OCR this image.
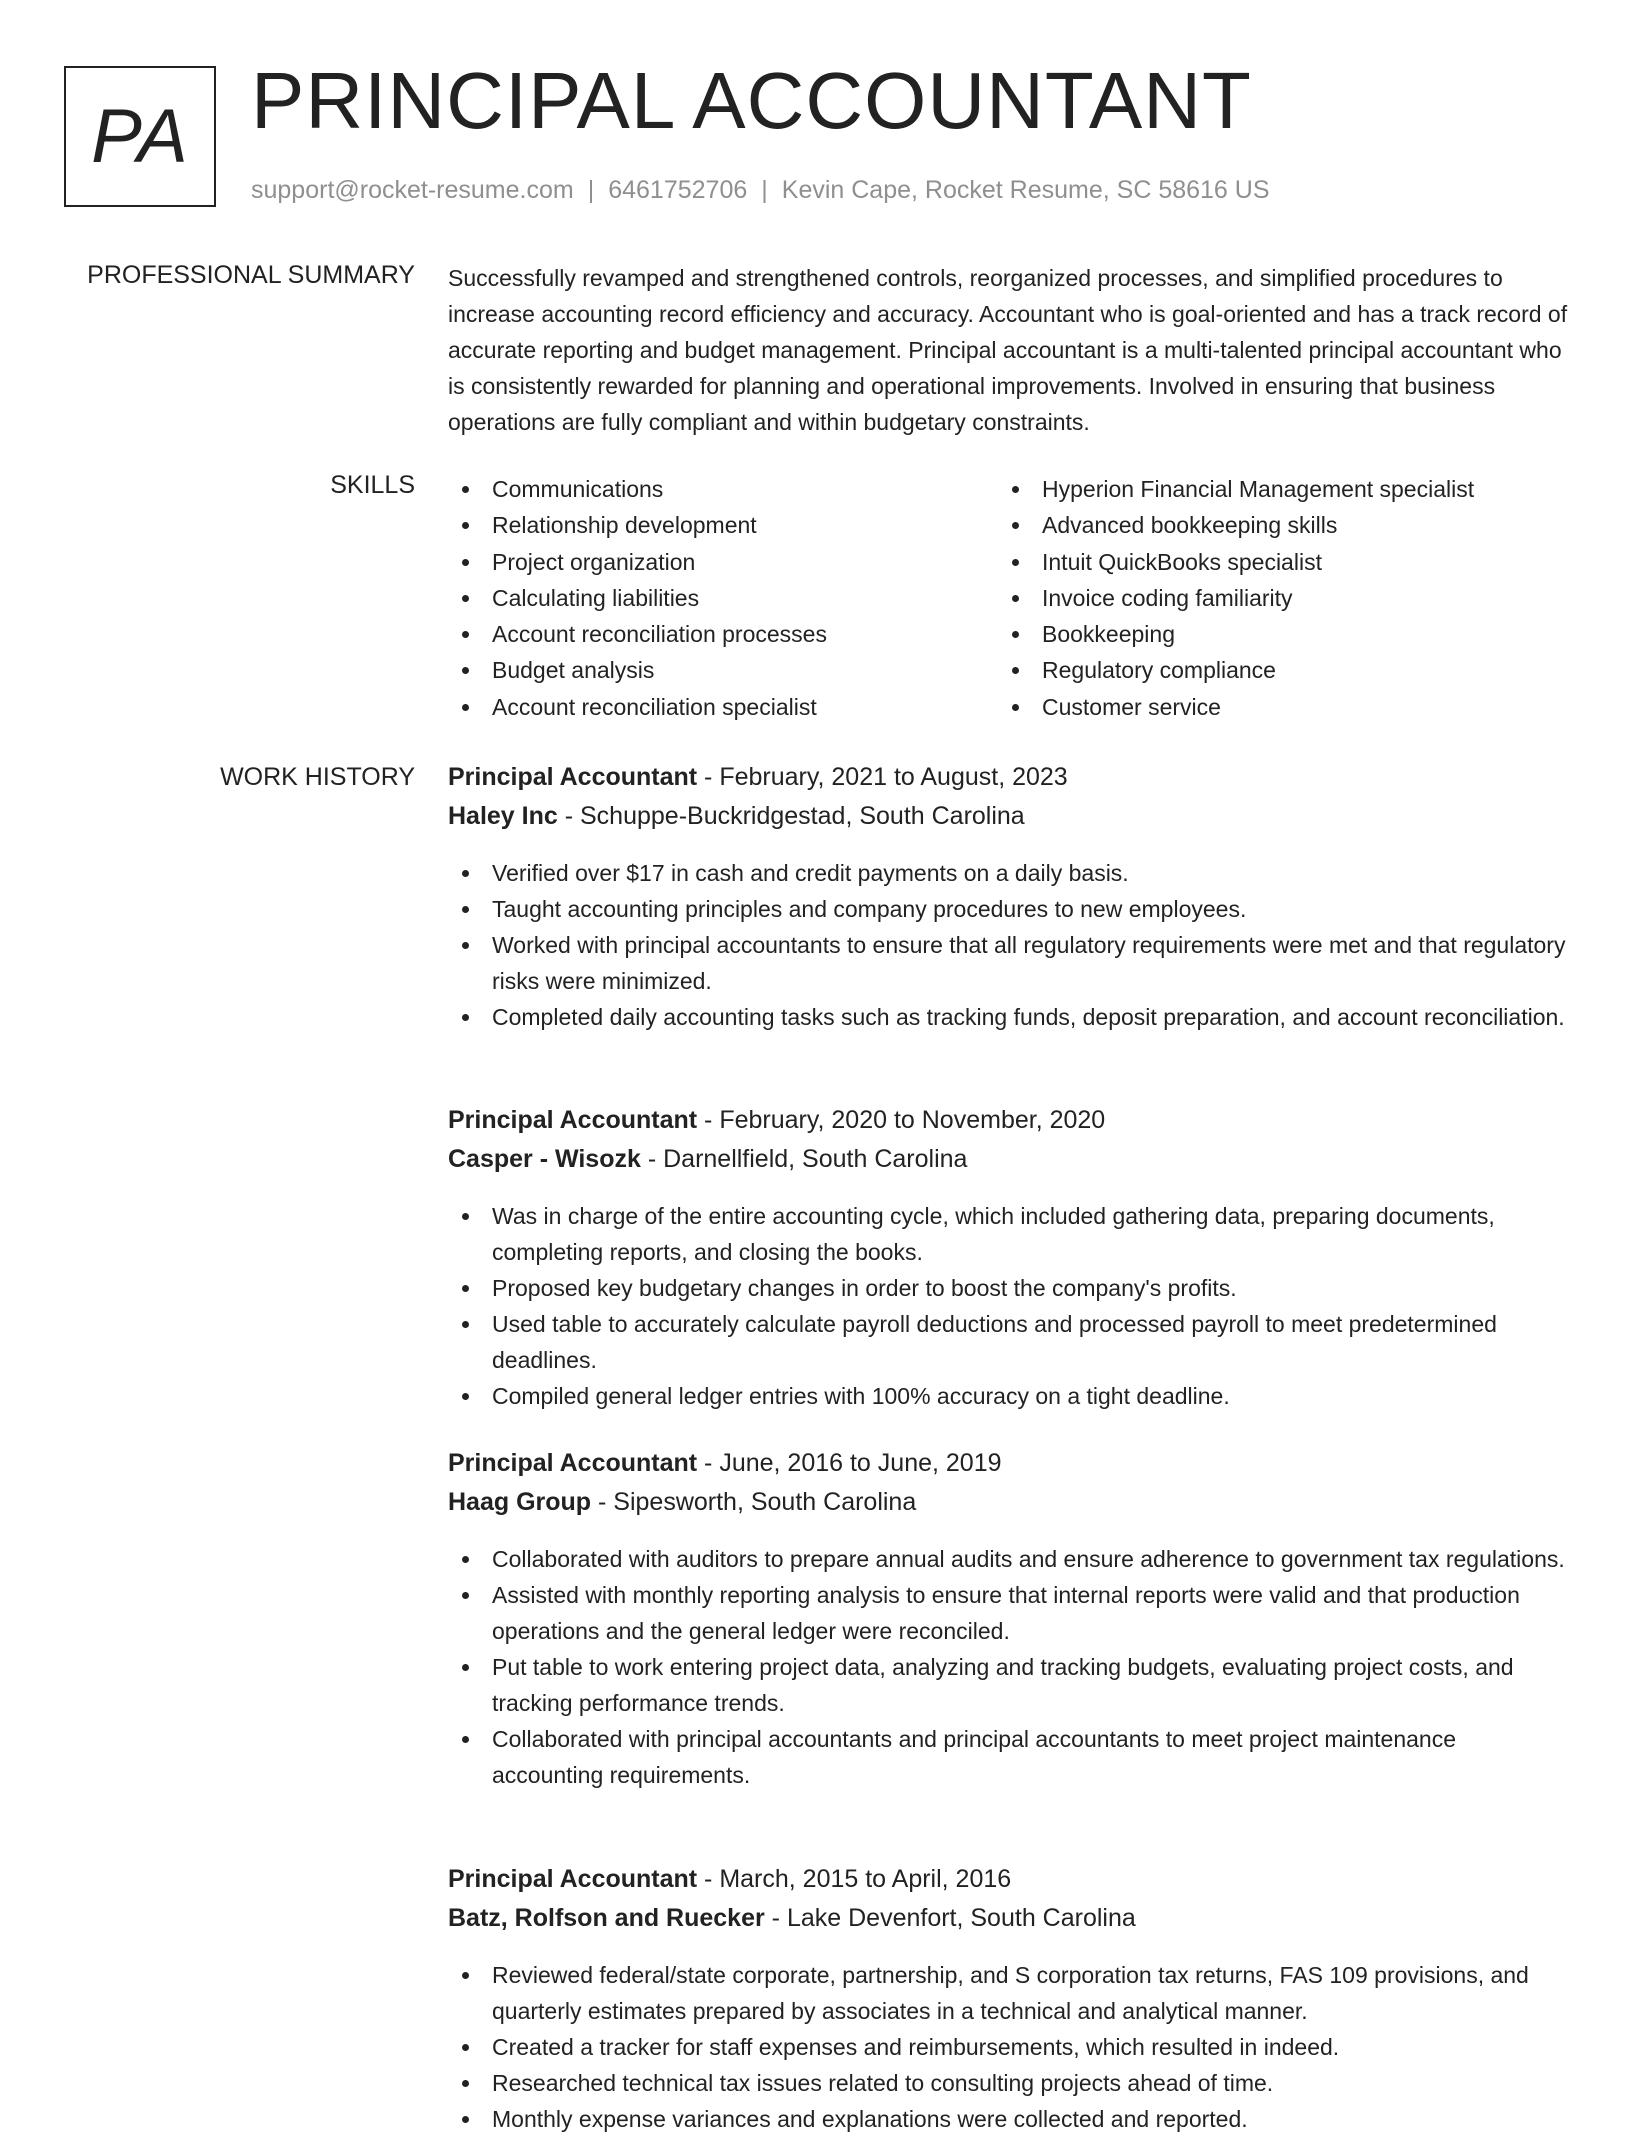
PA PRINCIPAL ACCOUNTANT
support@rocket-resume.com | 6461752706 | Kevin Cape, Rocket Resume, SC 58616 US
PROFESSIONAL SUMMARY Successfully revamped and strengthened controls, reorganized processes, and simplified procedures to increase accounting record efficiency and accuracy. Accountant who is goal-oriented and has a track record of accurate reporting and budget management. Principal accountant is a multi-talented principal accountant who is consistently rewarded for planning and operational improvements. Involved in ensuring that business operations are fully compliant and within budgetary constraints.

SKILLS	Communications
Relationship development
Project organization
Calculating liabilities
Account reconciliation processes
Budget analysis
Account reconciliation specialist
Hyperion Financial Management specialist
Advanced bookkeeping skills
Intuit QuickBooks specialist
Invoice coding familiarity
Bookkeeping
Regulatory compliance
Customer service
WORK HISTORY Principal Accountant - February, 2021 to August, 2023
Haley Inc - Schuppe-Buckridgestad, South Carolina
Verified over $17 in cash and credit payments on a daily basis.
Taught accounting principles and company procedures to new employees.
Worked with principal accountants to ensure that all regulatory requirements were met and that regulatory risks were minimized.
Completed daily accounting tasks such as tracking funds, deposit preparation, and account reconciliation.
Principal Accountant - February, 2020 to November, 2020
Casper - Wisozk - Darnellfield, South Carolina
Was in charge of the entire accounting cycle, which included gathering data, preparing documents, completing reports, and closing the books.
Proposed key budgetary changes in order to boost the company's profits.
Used table to accurately calculate payroll deductions and processed payroll to meet predetermined deadlines.
Compiled general ledger entries with 100% accuracy on a tight deadline.
Principal Accountant - June, 2016 to June, 2019
Haag Group - Sipesworth, South Carolina
Collaborated with auditors to prepare annual audits and ensure adherence to government tax regulations.
Assisted with monthly reporting analysis to ensure that internal reports were valid and that production operations and the general ledger were reconciled.
Put table to work entering project data, analyzing and tracking budgets, evaluating project costs, and tracking performance trends.
Collaborated with principal accountants and principal accountants to meet project maintenance accounting requirements.
Principal Accountant - March, 2015 to April, 2016
Batz, Rolfson and Ruecker - Lake Devenfort, South Carolina
Reviewed federal/state corporate, partnership, and S corporation tax returns, FAS 109 provisions, and quarterly estimates prepared by associates in a technical and analytical manner.
Created a tracker for staff expenses and reimbursements, which resulted in indeed.
Researched technical tax issues related to consulting projects ahead of time.
Monthly expense variances and explanations were collected and reported.
